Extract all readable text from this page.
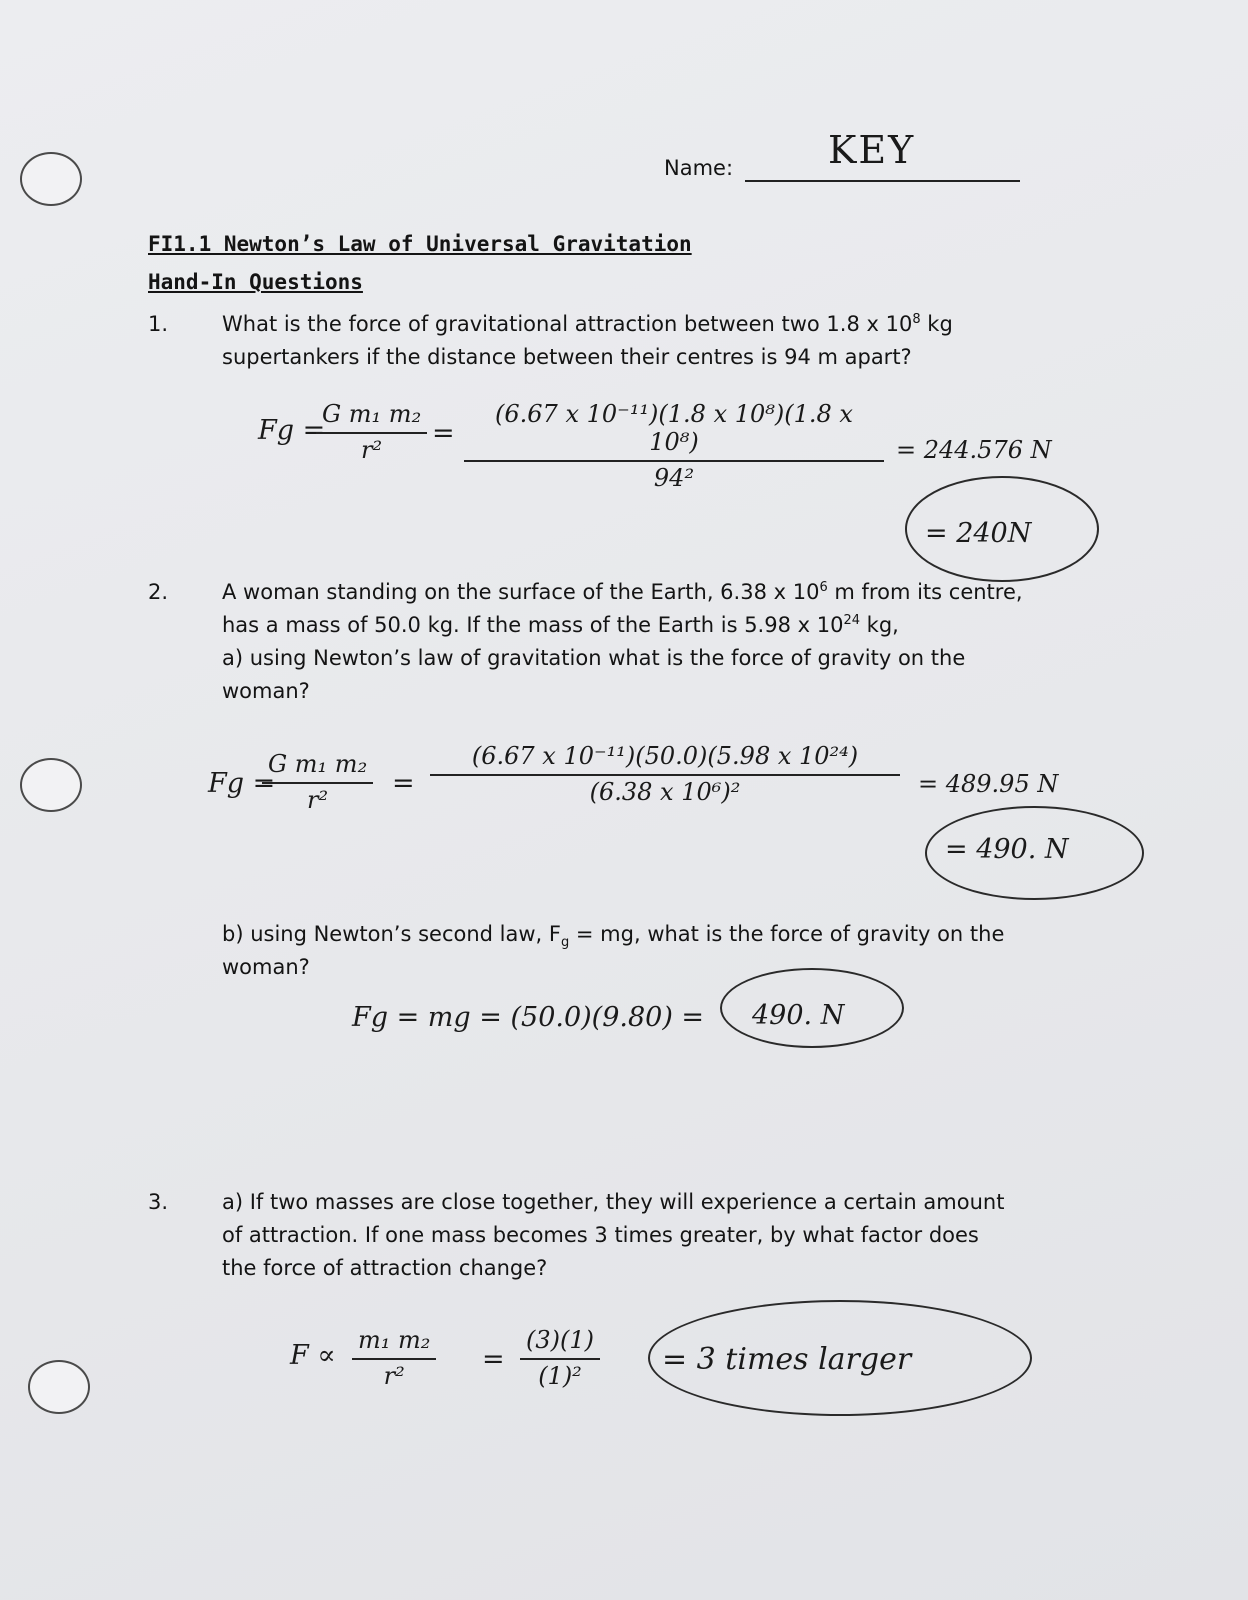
Name: KEY
FI1.1 Newton’s Law of Universal Gravitation
Hand-In Questions
1.	What is the force of gravitational attraction between two 1.8 x $10^8$ kg
supertankers if the distance between their centres is 94 m apart?
Fg =
$\frac{\text{G m₁ m₂}}{\text{r²}} = \frac{\text{(6.67 x 10⁻¹¹)(1.8 x 10⁸)(1.8 x 10⁸)}}{\text{94²}} = 244.576$ N
= 240N
2.	A woman standing on the surface of the Earth, 6.38 x $10^6$ m from its centre,
has a mass of 50.0 kg. If the mass of the Earth is 5.98 x $10^{24}$ kg,
a) using Newton’s law of gravitation what is the force of gravity on the
woman?
Fg =
$\frac{\text{G m₁ m₂}}{\text{r²}} = \frac{\text{(6.67 x 10⁻¹¹)(50.0)(5.98 x 10²⁴)}}{\text{(6.38 x 10⁶)²}} = 489.95$ N
= 490. N
b) using Newton’s second law, $F_g$ = mg, what is the force of gravity on the
woman?
Fg = mg = (50.0)(9.80) = 490. N
3.	a) If two masses are close together, they will experience a certain amount
of attraction. If one mass becomes 3 times greater, by what factor does
the force of attraction change?
$F \propto \frac{\text{m₁ m₂}}{\text{r²}} = \frac{(3)(1)}{\text{(1)²}} = 3$ times larger
